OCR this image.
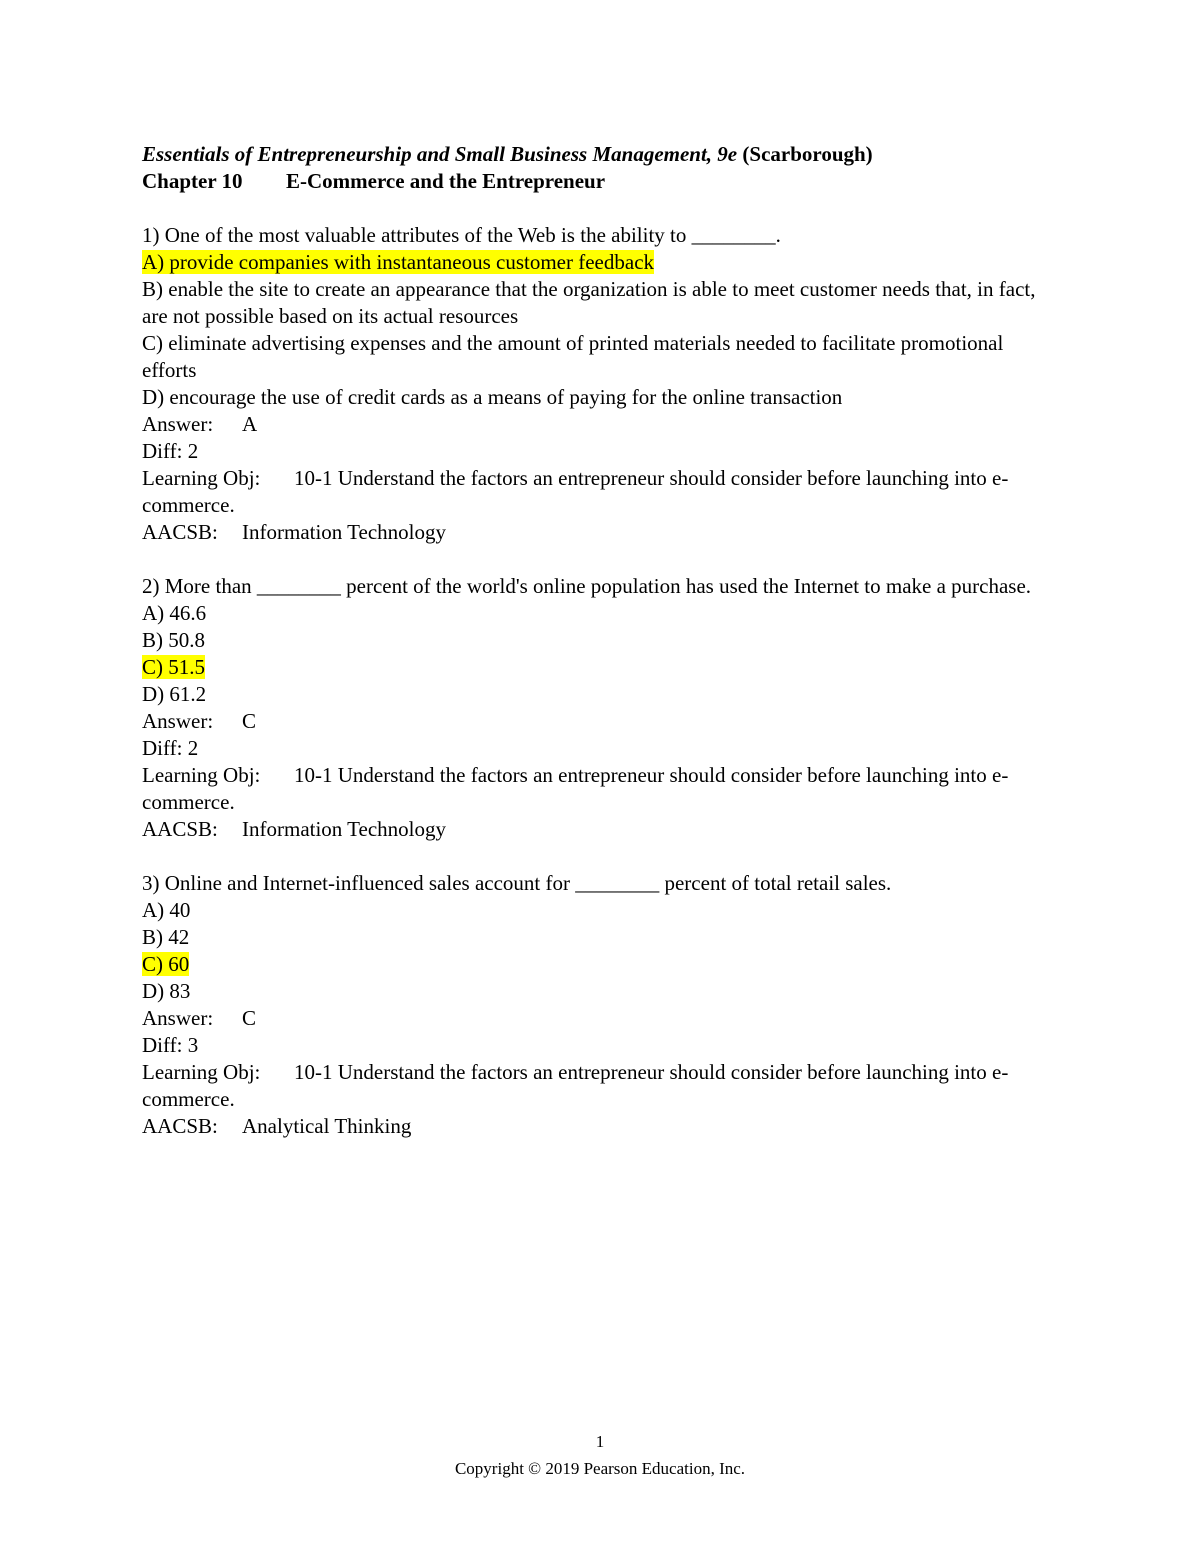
Essentials of Entrepreneurship and Small Business Management, 9e (Scarborough)
Chapter 10 E-Commerce and the Entrepreneur
1) One of the most valuable attributes of the Web is the ability to ________.
A) provide companies with instantaneous customer feedback
B) enable the site to create an appearance that the organization is able to meet customer needs that, in fact, are not possible based on its actual resources
C) eliminate advertising expenses and the amount of printed materials needed to facilitate promotional efforts
D) encourage the use of credit cards as a means of paying for the online transaction
Answer: A
Diff: 2
Learning Obj: 10-1 Understand the factors an entrepreneur should consider before launching into e-commerce.
AACSB: Information Technology
2) More than ________ percent of the world's online population has used the Internet to make a purchase.
A) 46.6
B) 50.8
C) 51.5
D) 61.2
Answer: C
Diff: 2
Learning Obj: 10-1 Understand the factors an entrepreneur should consider before launching into e-commerce.
AACSB: Information Technology
3) Online and Internet-influenced sales account for ________ percent of total retail sales.
A) 40
B) 42
C) 60
D) 83
Answer: C
Diff: 3
Learning Obj: 10-1 Understand the factors an entrepreneur should consider before launching into e-commerce.
AACSB: Analytical Thinking
1
Copyright © 2019 Pearson Education, Inc.
